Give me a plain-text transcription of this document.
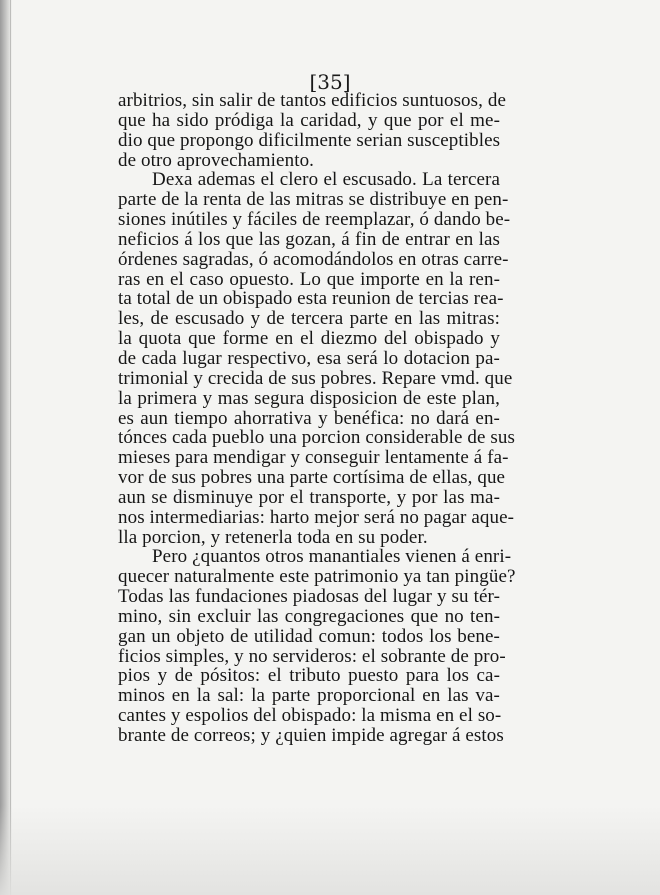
[35]
arbitrios, sin salir de tantos edificios suntuosos, de
que ha sido pródiga la caridad, y que por el me-
dio que propongo dificilmente serian susceptibles
de otro aprovechamiento.
Dexa ademas el clero el escusado. La tercera
parte de la renta de las mitras se distribuye en pen-
siones inútiles y fáciles de reemplazar, ó dando be-
neficios á los que las gozan, á fin de entrar en las
órdenes sagradas, ó acomodándolos en otras carre-
ras en el caso opuesto. Lo que importe en la ren-
ta total de un obispado esta reunion de tercias rea-
les, de escusado y de tercera parte en las mitras:
la quota que forme en el diezmo del obispado y
de cada lugar respectivo, esa será lo dotacion pa-
trimonial y crecida de sus pobres. Repare vmd. que
la primera y mas segura disposicion de este plan,
es aun tiempo ahorrativa y benéfica: no dará en-
tónces cada pueblo una porcion considerable de sus
mieses para mendigar y conseguir lentamente á fa-
vor de sus pobres una parte cortísima de ellas, que
aun se disminuye por el transporte, y por las ma-
nos intermediarias: harto mejor será no pagar aque-
lla porcion, y retenerla toda en su poder.
Pero ¿quantos otros manantiales vienen á enri-
quecer naturalmente este patrimonio ya tan pingüe?
Todas las fundaciones piadosas del lugar y su tér-
mino, sin excluir las congregaciones que no ten-
gan un objeto de utilidad comun: todos los bene-
ficios simples, y no servideros: el sobrante de pro-
pios y de pósitos: el tributo puesto para los ca-
minos en la sal: la parte proporcional en las va-
cantes y espolios del obispado: la misma en el so-
brante de correos; y ¿quien impide agregar á estos
